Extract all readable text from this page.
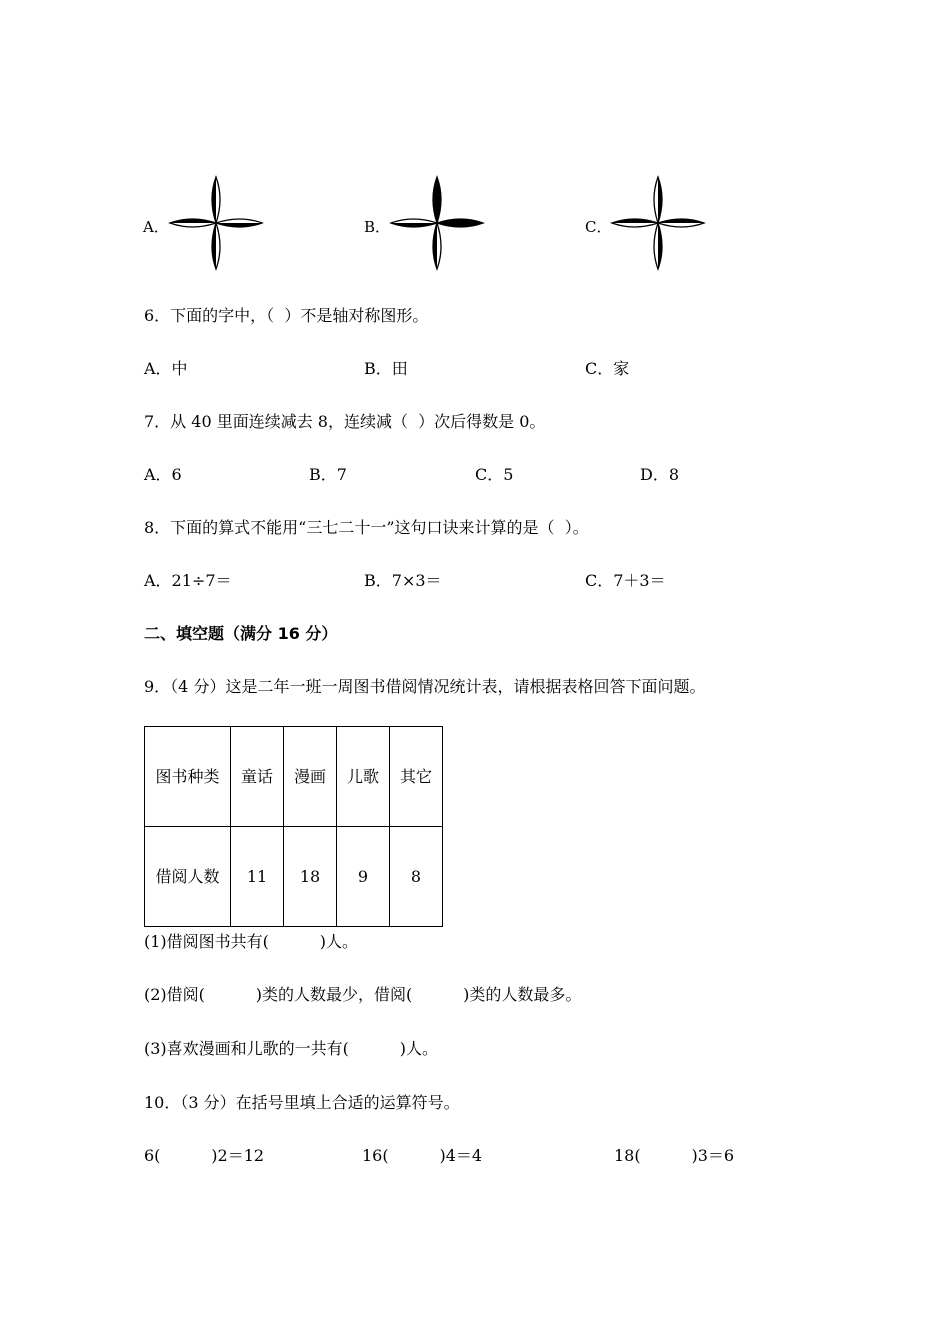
A．	B．	C．
6．下面的字中，（  ）不是轴对称图形。
A．中	B．田	C．家
7．从 40 里面连续减去 8，连续减（  ）次后得数是 0。
A．6	B．7	C．5	D．8
8．下面的算式不能用“三七二十一”这句口诀来计算的是（  ）。
A．21÷7＝	B．7×3＝	C．7＋3＝
二、填空题（满分 16 分）
9．（4 分）这是二年一班一周图书借阅情况统计表，请根据表格回答下面问题。
图书种类	童话	漫画	儿歌	其它
借阅人数	11	18	9	8
(1)借阅图书共有(          )人。
(2)借阅(          )类的人数最少，借阅(          )类的人数最多。
(3)喜欢漫画和儿歌的一共有(          )人。
10．（3 分）在括号里填上合适的运算符号。
6(          )2＝12	16(          )4＝4	18(          )3＝6
